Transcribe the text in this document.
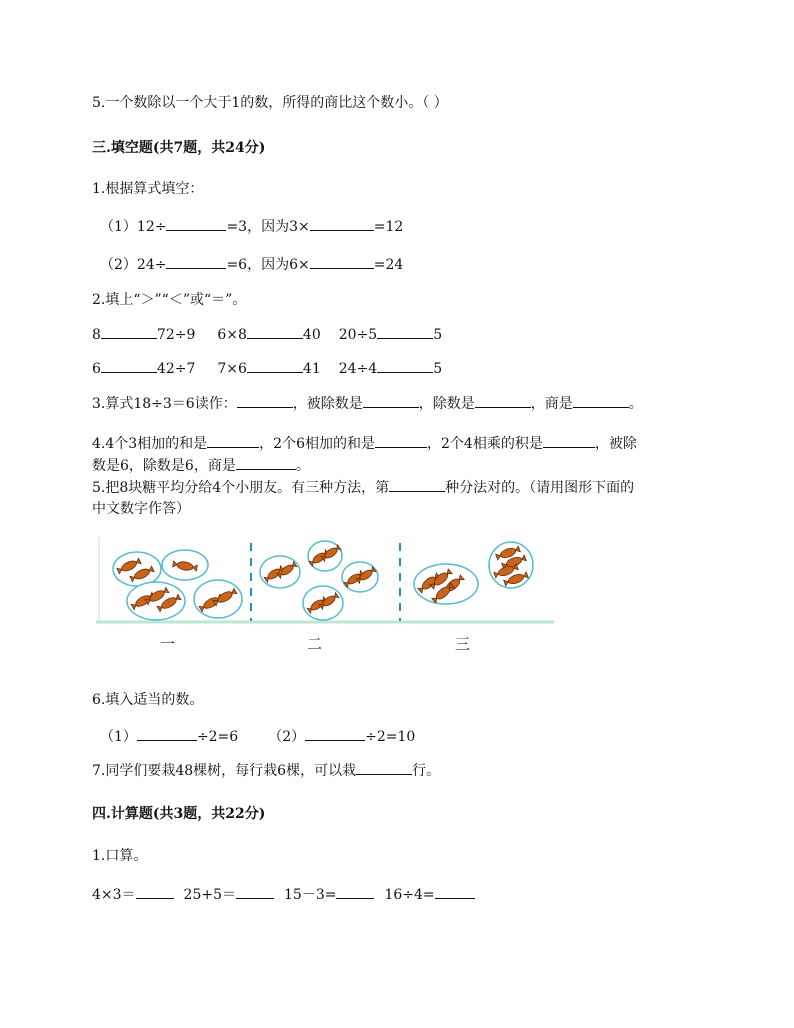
5.一个数除以一个大于1的数，所得的商比这个数小。（ ）
三.填空题(共7题，共24分)
1.根据算式填空：
（1）12÷	=3，因为3×	=12
（2）24÷	=6，因为6×	=24
2.填上“＞”“＜”或“＝”。
8	72÷9 6×8	40 20÷5	5
6	42÷7 7×6	41 24÷4	5
3.算式18÷3＝6读作：	，被除数是	，除数是	，商是	。
4.4个3相加的和是	，2个6相加的和是	，2个4相乘的积是	，被除
数是6，除数是6，商是	。
5.把8块糖平均分给4个小朋友。有三种方法，第	种分法对的。（请用图形下面的
中文数字作答）
一	二	三
6.填入适当的数。
（1）	÷2=6 （2）	÷2=10
7.同学们要栽48棵树，每行栽6棵，可以栽	行。
四.计算题(共3题，共22分)
1.口算。
4×3＝	25+5＝	15－3=	16÷4=
